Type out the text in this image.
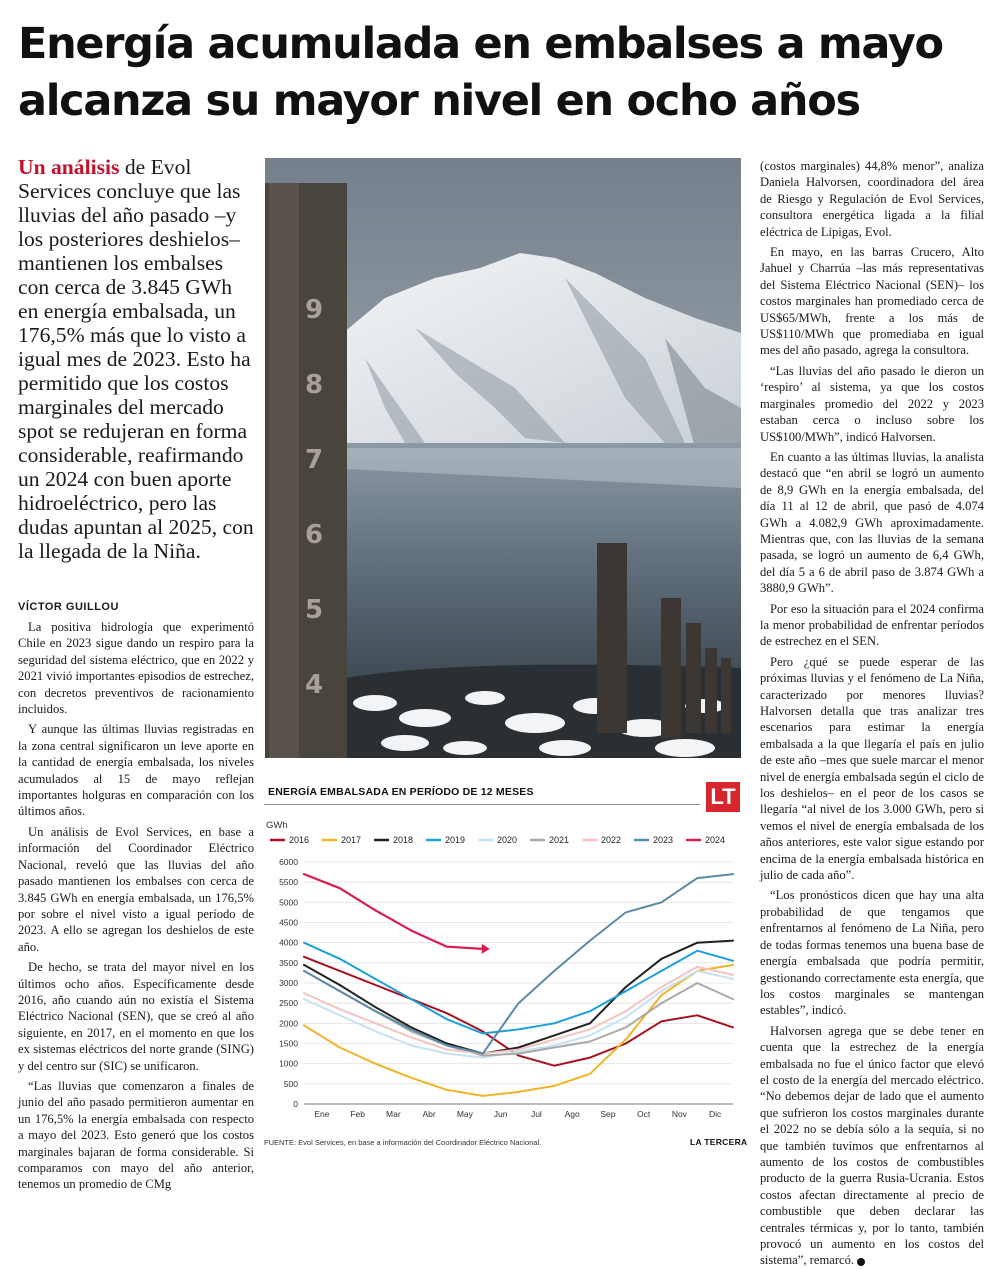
Energía acumulada en embalses a mayo alcanza su mayor nivel en ocho años
Un análisis de Evol Services concluye que las lluvias del año pasado –y los posteriores deshielos– mantienen los embalses con cerca de 3.845 GWh en energía embalsada, un 176,5% más que lo visto a igual mes de 2023. Esto ha permitido que los costos marginales del mercado spot se redujeran en forma considerable, reafirmando un 2024 con buen aporte hidroeléctrico, pero las dudas apuntan al 2025, con la llegada de la Niña.
VÍCTOR GUILLOU

La positiva hidrología que experimentó Chile en 2023 sigue dando un respiro para la seguridad del sistema eléctrico, que en 2022 y 2021 vivió importantes episodios de estrechez, con decretos preventivos de racionamiento incluidos.

Y aunque las últimas lluvias registradas en la zona central significaron un leve aporte en la cantidad de energía embalsada, los niveles acumulados al 15 de mayo reflejan importantes holguras en comparación con los últimos años.

Un análisis de Evol Services, en base a información del Coordinador Eléctrico Nacional, reveló que las lluvias del año pasado mantienen los embalses con cerca de 3.845 GWh en energía embalsada, un 176,5% por sobre el nivel visto a igual período de 2023. A ello se agregan los deshielos de este año.

De hecho, se trata del mayor nivel en los últimos ocho años. Específicamente desde 2016, año cuando aún no existía el Sistema Eléctrico Nacional (SEN), que se creó al año siguiente, en 2017, en el momento en que los ex sistemas eléctricos del norte grande (SING) y del centro sur (SIC) se unificaron.

“Las lluvias que comenzaron a finales de junio del año pasado permitieron aumentar en un 176,5% la energía embalsada con respecto a mayo del 2023. Esto generó que los costos marginales bajaran de forma considerable. Si comparamos con mayo del año anterior, tenemos un promedio de CMg

9
8
7
6
5
4
ENERGÍA EMBALSADA EN PERÍODO DE 12 MESES	LT
GWh
0
500
1000
1500
2000
2500
3000
3500
4000
4500
5000
5500
6000
Ene Feb Mar	Abr May Jun	Jul	Ago Sep	Oct	Nov	Dic
2016	2017	2018	2019	2020	2021	2022	2023	2024
FUENTE: Evol Services, en base a información del Coordinador Eléctrico Nacional.	LA TERCERA

(costos marginales) 44,8% menor”, analiza Daniela Halvorsen, coordinadora del área de Riesgo y Regulación de Evol Services, consultora energética ligada a la filial eléctrica de Lipigas, Evol.

En mayo, en las barras Crucero, Alto Jahuel y Charrúa –las más representativas del Sistema Eléctrico Nacional (SEN)– los costos marginales han promediado cerca de US$65/MWh, frente a los más de US$110/MWh que promediaba en igual mes del año pasado, agrega la consultora.

“Las lluvias del año pasado le dieron un ‘respiro’ al sistema, ya que los costos marginales promedio del 2022 y 2023 estaban cerca o incluso sobre los US$100/MWh”, indicó Halvorsen.

En cuanto a las últimas lluvias, la analista destacó que “en abril se logró un aumento de 8,9 GWh en la energía embalsada, del día 11 al 12 de abril, que pasó de 4.074 GWh a 4.082,9 GWh aproximadamente. Mientras que, con las lluvias de la semana pasada, se logró un aumento de 6,4 GWh, del día 5 a 6 de abril paso de 3.874 GWh a 3880,9 GWh”.

Por eso la situación para el 2024 confirma la menor probabilidad de enfrentar períodos de estrechez en el SEN.

Pero ¿qué se puede esperar de las próximas lluvias y el fenómeno de La Niña, caracterizado por menores lluvias? Halvorsen detalla que tras analizar tres escenarios para estimar la energía embalsada a la que llegaría el país en julio de este año –mes que suele marcar el menor nivel de energía embalsada según el ciclo de los deshielos– en el peor de los casos se llegaría “al nivel de los 3.000 GWh, pero si vemos el nivel de energía embalsada de los años anteriores, este valor sigue estando por encima de la energía embalsada histórica en julio de cada año”.

“Los pronósticos dicen que hay una alta probabilidad de que tengamos que enfrentarnos al fenómeno de La Niña, pero de todas formas tenemos una buena base de energía embalsada que podría permitir, gestionando correctamente esta energía, que los costos marginales se mantengan estables”, indicó.

Halvorsen agrega que se debe tener en cuenta que la estrechez de la energía embalsada no fue el único factor que elevó el costo de la energía del mercado eléctrico. “No debemos dejar de lado que el aumento que sufrieron los costos marginales durante el 2022 no se debía sólo a la sequía, si no que también tuvimos que enfrentarnos al aumento de los costos de combustibles producto de la guerra Rusia-Ucrania. Estos costos afectan directamente al precio de combustible que deben declarar las centrales térmicas y, por lo tanto, también provocó un aumento en los costos del sistema”, remarcó.
